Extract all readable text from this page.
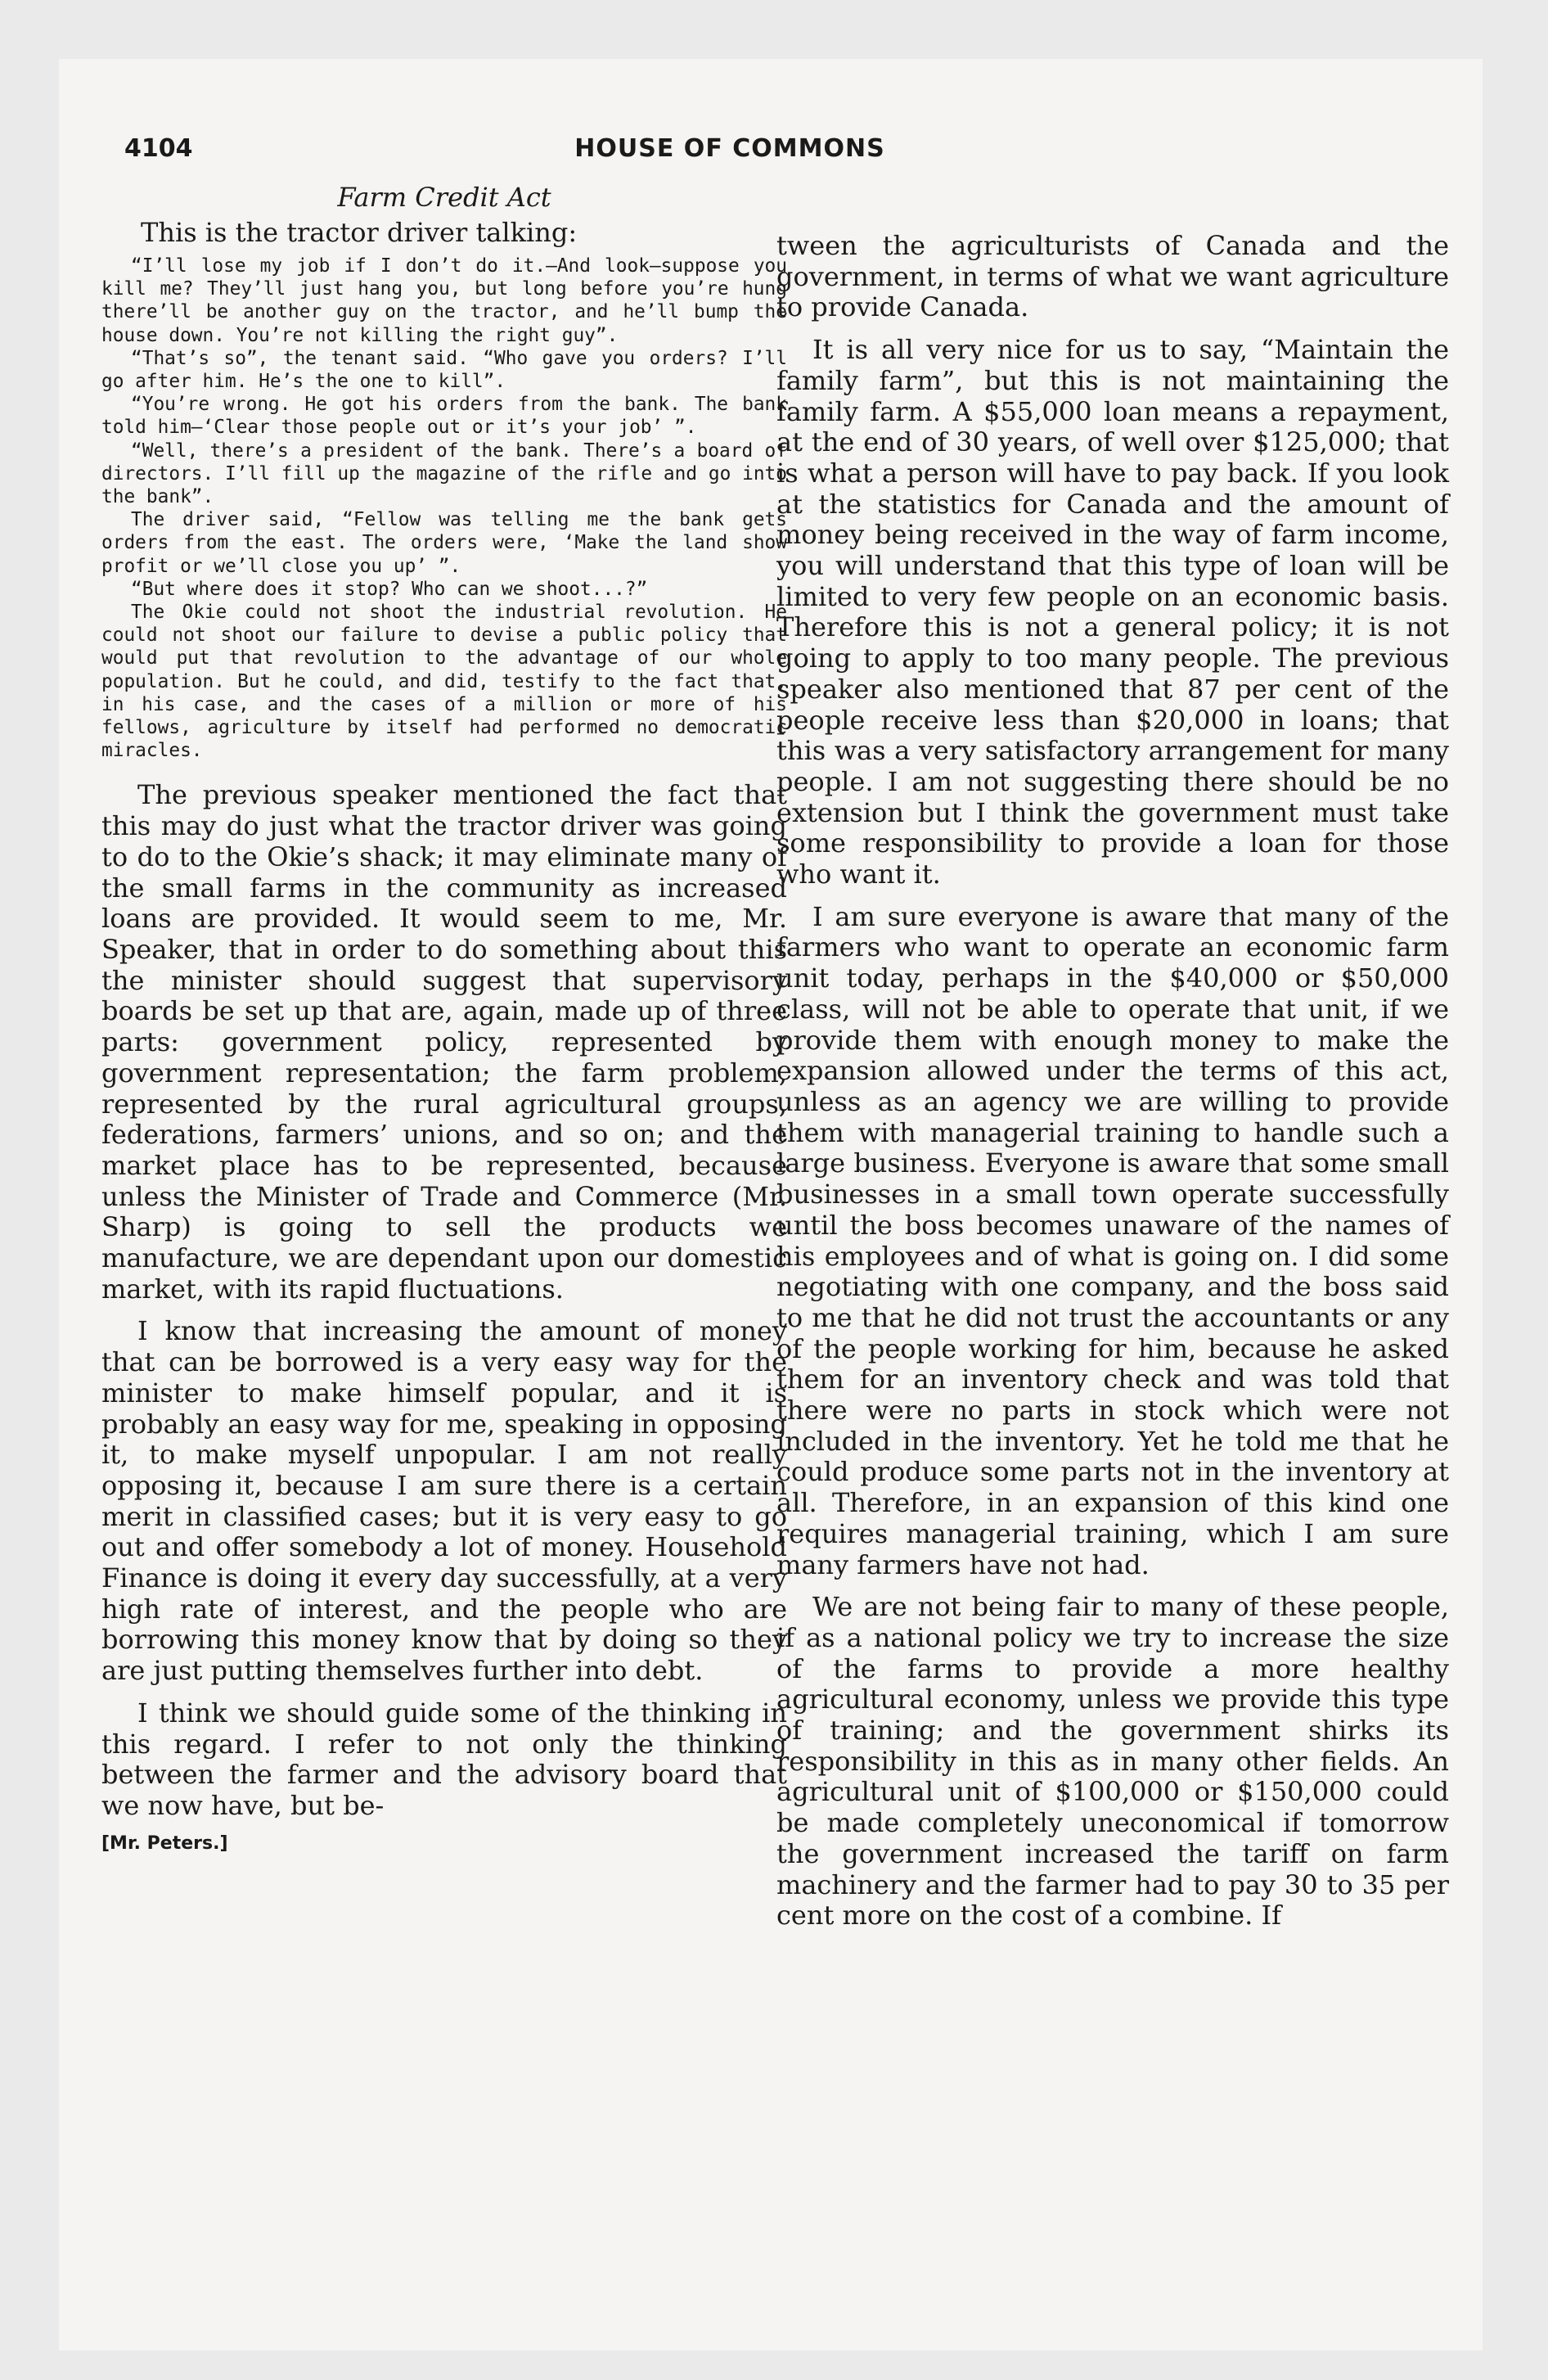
4104	HOUSE OF COMMONS

Farm Credit Act

This is the tractor driver talking:

“I’ll lose my job if I don’t do it.—And look—suppose you kill me? They’ll just hang you, but long before you’re hung there’ll be another guy on the tractor, and he’ll bump the house down. You’re not killing the right guy”.

“That’s so”, the tenant said. “Who gave you orders? I’ll go after him. He’s the one to kill”.

“You’re wrong. He got his orders from the bank. The bank told him—‘Clear those people out or it’s your job’ ”.

“Well, there’s a president of the bank. There’s a board of directors. I’ll fill up the magazine of the rifle and go into the bank”.

The driver said, “Fellow was telling me the bank gets orders from the east. The orders were, ‘Make the land show profit or we’ll close you up’ ”.

“But where does it stop? Who can we shoot...?”

The Okie could not shoot the industrial revolution. He could not shoot our failure to devise a public policy that would put that revolution to the advantage of our whole population. But he could, and did, testify to the fact that, in his case, and the cases of a million or more of his fellows, agriculture by itself had performed no democratic miracles.

The previous speaker mentioned the fact that this may do just what the tractor driver was going to do to the Okie’s shack; it may eliminate many of the small farms in the community as increased loans are provided. It would seem to me, Mr. Speaker, that in order to do something about this the minister should suggest that supervisory boards be set up that are, again, made up of three parts: government policy, represented by government representation; the farm problem, represented by the rural agricultural groups, federations, farmers’ unions, and so on; and the market place has to be represented, because unless the Minister of Trade and Commerce (Mr. Sharp) is going to sell the products we manufacture, we are dependant upon our domestic market, with its rapid fluctuations.

I know that increasing the amount of money that can be borrowed is a very easy way for the minister to make himself popular, and it is probably an easy way for me, speaking in opposing it, to make myself unpopular. I am not really opposing it, because I am sure there is a certain merit in classified cases; but it is very easy to go out and offer somebody a lot of money. Household Finance is doing it every day successfully, at a very high rate of interest, and the people who are borrowing this money know that by doing so they are just putting themselves further into debt.

I think we should guide some of the thinking in this regard. I refer to not only the thinking between the farmer and the advisory board that we now have, but be-

[Mr. Peters.]

tween the agriculturists of Canada and the government, in terms of what we want agriculture to provide Canada.

It is all very nice for us to say, “Maintain the family farm”, but this is not maintaining the family farm. A $55,000 loan means a repayment, at the end of 30 years, of well over $125,000; that is what a person will have to pay back. If you look at the statistics for Canada and the amount of money being received in the way of farm income, you will understand that this type of loan will be limited to very few people on an economic basis. Therefore this is not a general policy; it is not going to apply to too many people. The previous speaker also mentioned that 87 per cent of the people receive less than $20,000 in loans; that this was a very satisfactory arrangement for many people. I am not suggesting there should be no extension but I think the government must take some responsibility to provide a loan for those who want it.

I am sure everyone is aware that many of the farmers who want to operate an economic farm unit today, perhaps in the $40,000 or $50,000 class, will not be able to operate that unit, if we provide them with enough money to make the expansion allowed under the terms of this act, unless as an agency we are willing to provide them with managerial training to handle such a large business. Everyone is aware that some small businesses in a small town operate successfully until the boss becomes unaware of the names of his employees and of what is going on. I did some negotiating with one company, and the boss said to me that he did not trust the accountants or any of the people working for him, because he asked them for an inventory check and was told that there were no parts in stock which were not included in the inventory. Yet he told me that he could produce some parts not in the inventory at all. Therefore, in an expansion of this kind one requires managerial training, which I am sure many farmers have not had.

We are not being fair to many of these people, if as a national policy we try to increase the size of the farms to provide a more healthy agricultural economy, unless we provide this type of training; and the government shirks its responsibility in this as in many other fields. An agricultural unit of $100,000 or $150,000 could be made completely uneconomical if tomorrow the government increased the tariff on farm machinery and the farmer had to pay 30 to 35 per cent more on the cost of a combine. If
